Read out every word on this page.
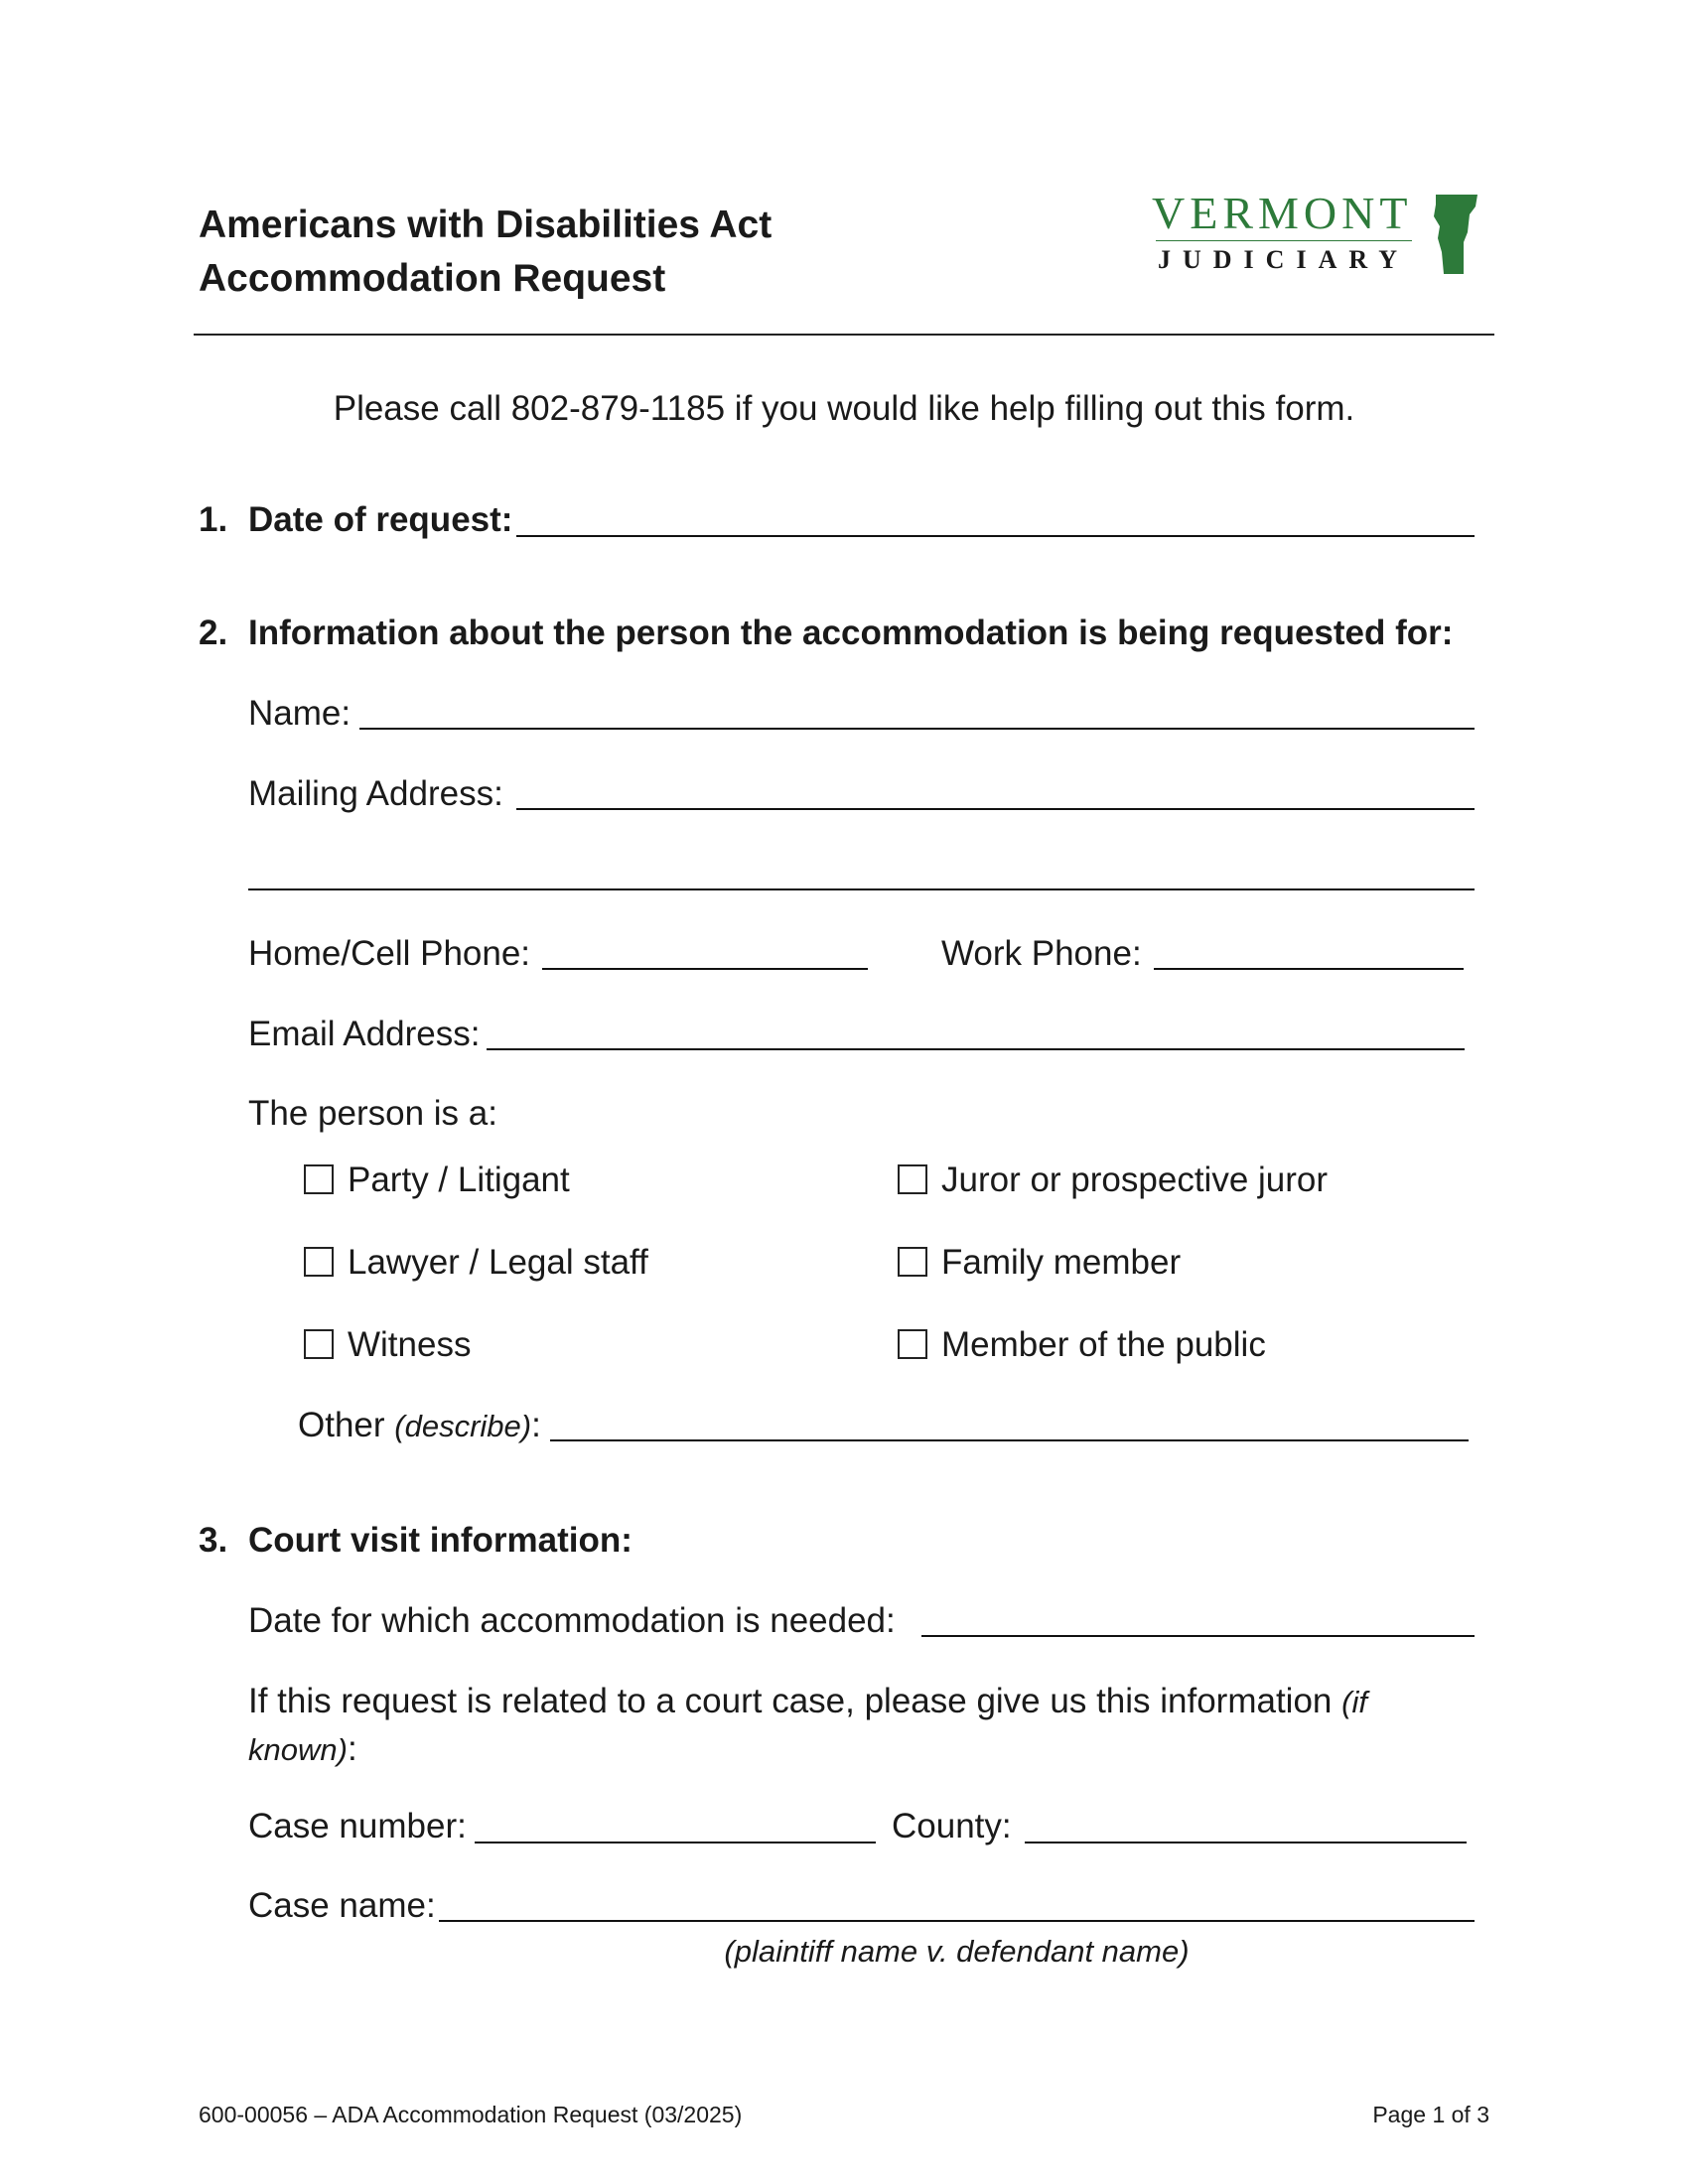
Americans with Disabilities Act
Accommodation Request
VERMONT
JUDICIARY
Please call 802-879-1185 if you would like help filling out this form.
1. Date of request:
2. Information about the person the accommodation is being requested for:
Name:
Mailing Address:
Home/Cell Phone:	Work Phone:
Email Address:
The person is a:
Party / Litigant	Juror or prospective juror
Lawyer / Legal staff	Family member
Witness	Member of the public
Other (describe):
3. Court visit information:
Date for which accommodation is needed:
If this request is related to a court case, please give us this information (if
known):
Case number:	County:
Case name:
(plaintiff name v. defendant name)
600-00056 – ADA Accommodation Request (03/2025)	Page 1 of 3
